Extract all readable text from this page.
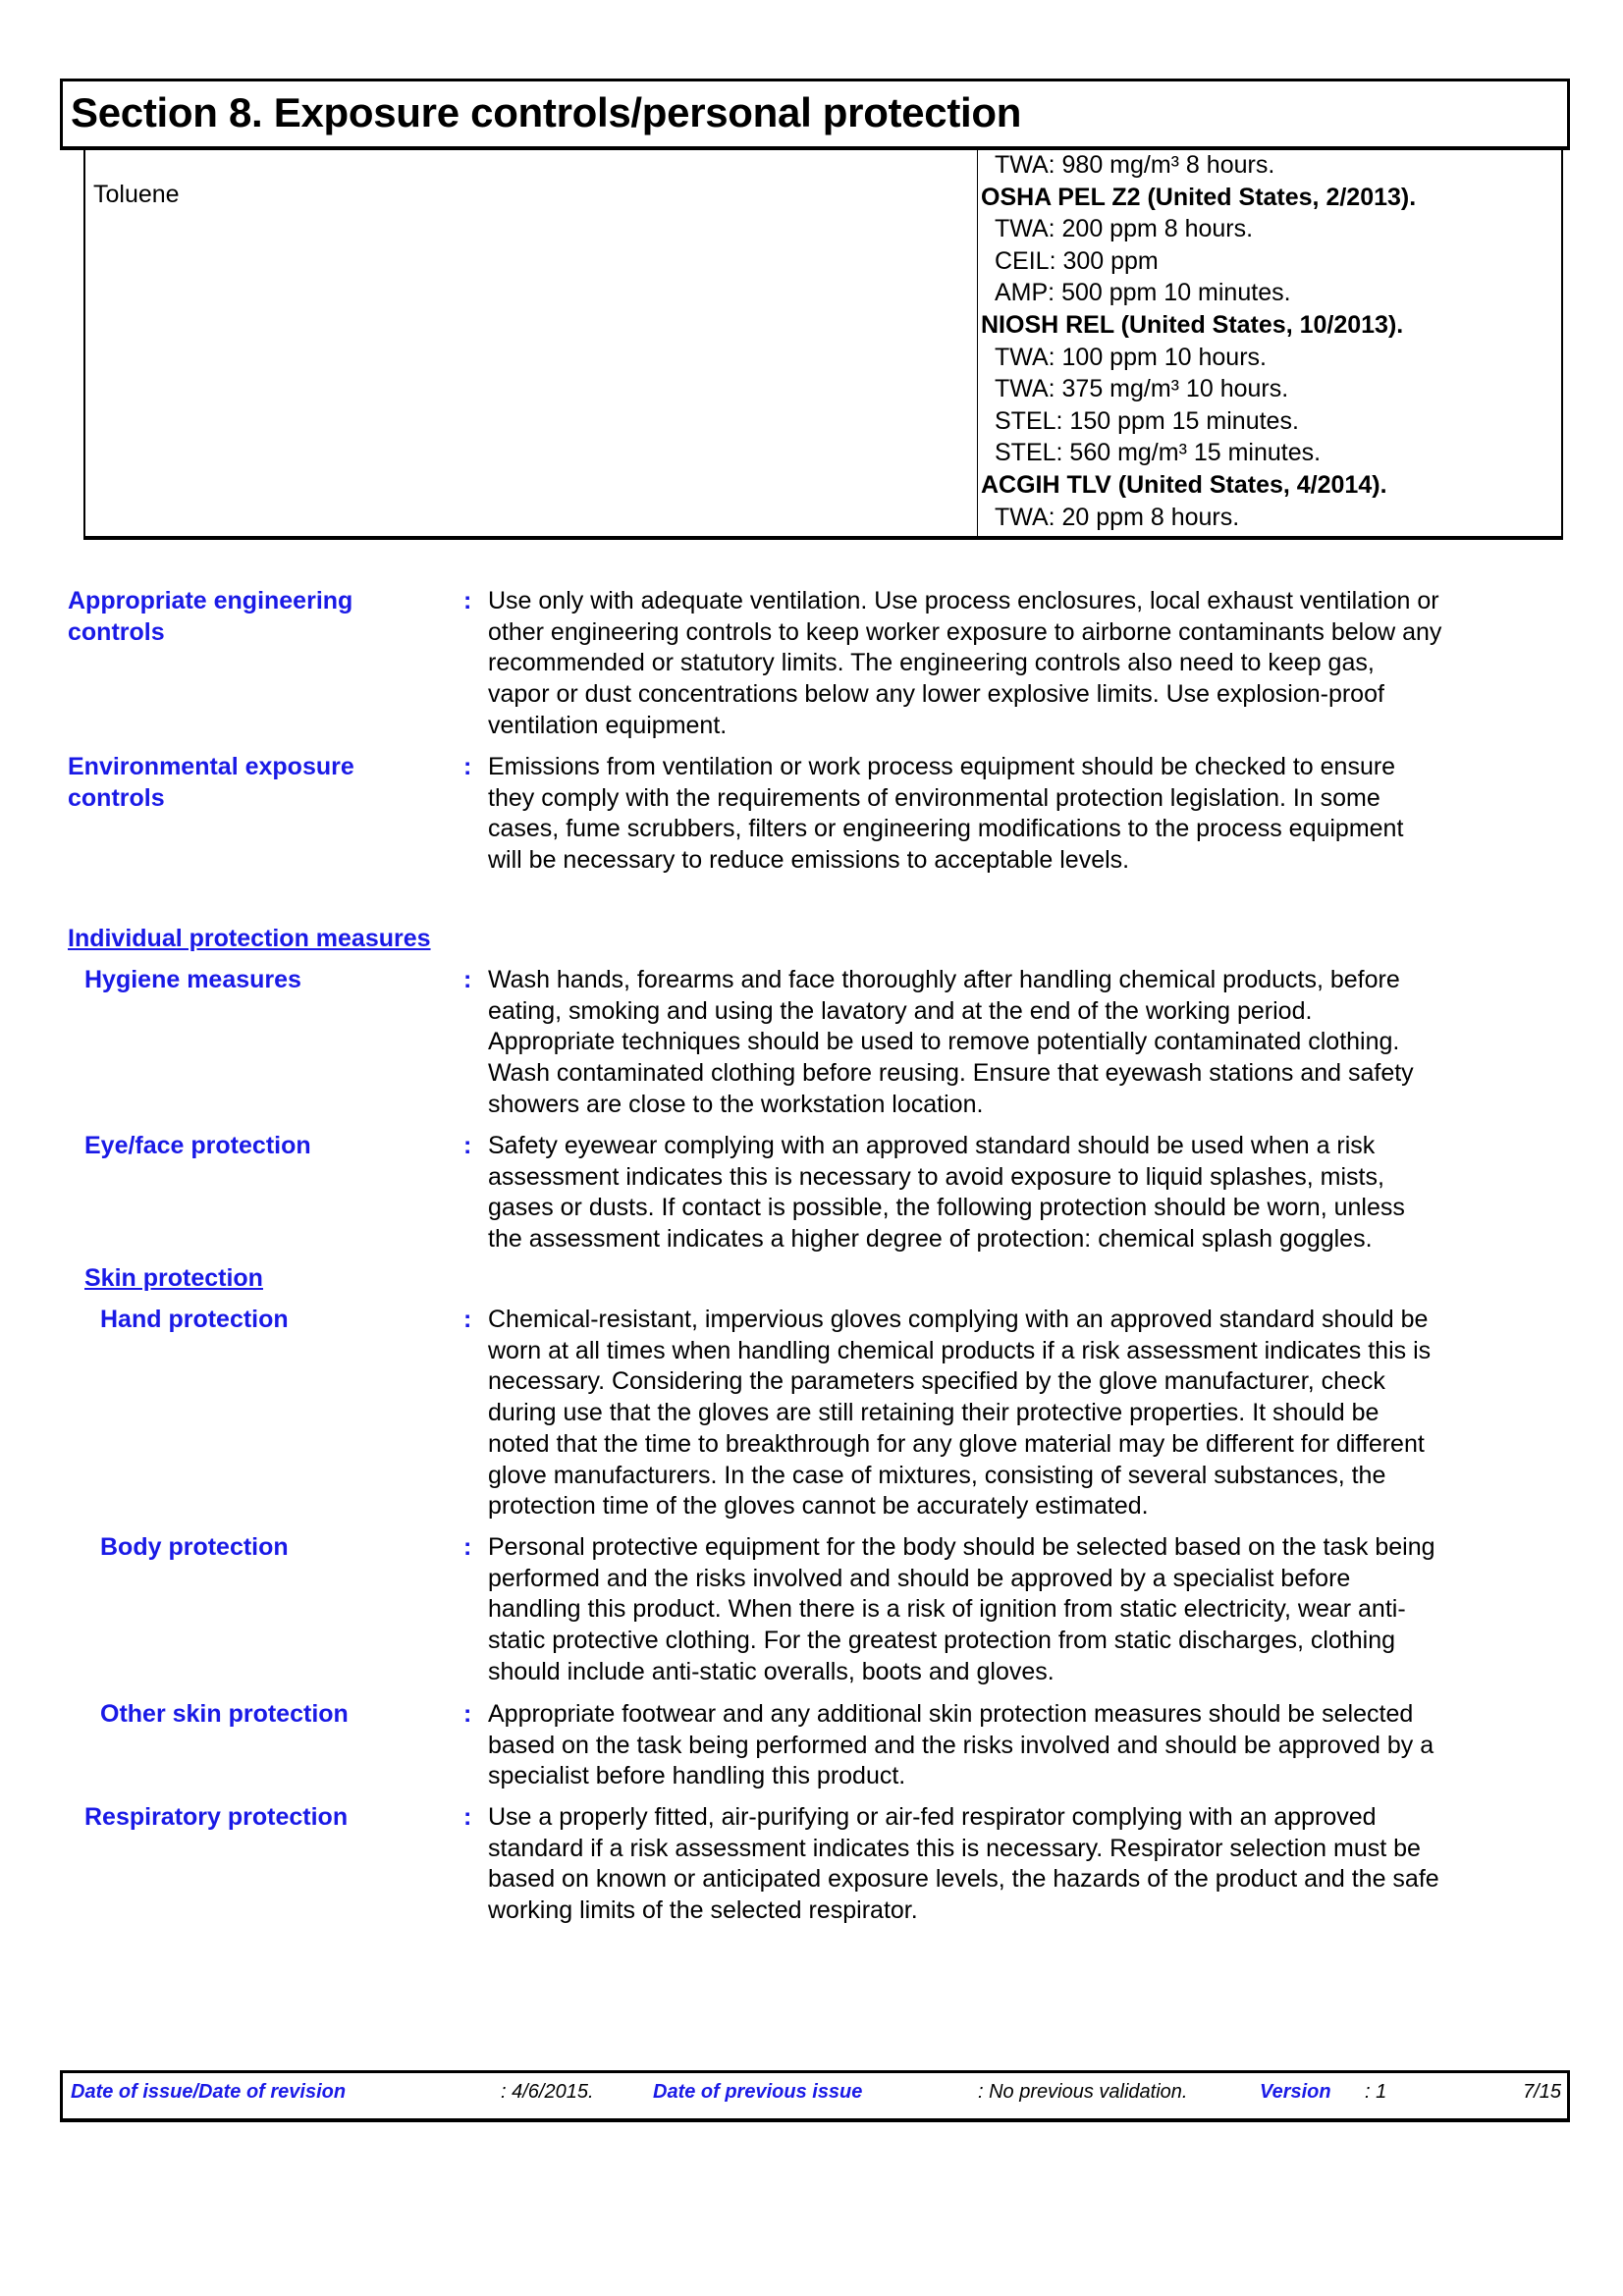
Section 8. Exposure controls/personal protection
Toluene
TWA: 980 mg/m³ 8 hours.
OSHA PEL Z2 (United States, 2/2013).
TWA: 200 ppm 8 hours.
CEIL: 300 ppm
AMP: 500 ppm 10 minutes.
NIOSH REL (United States, 10/2013).
TWA: 100 ppm 10 hours.
TWA: 375 mg/m³ 10 hours.
STEL: 150 ppm 15 minutes.
STEL: 560 mg/m³ 15 minutes.
ACGIH TLV (United States, 4/2014).
TWA: 20 ppm 8 hours.
Appropriate engineering
controls
: Use only with adequate ventilation. Use process enclosures, local exhaust ventilation or
other engineering controls to keep worker exposure to airborne contaminants below any
recommended or statutory limits. The engineering controls also need to keep gas,
vapor or dust concentrations below any lower explosive limits. Use explosion-proof
ventilation equipment.
Environmental exposure
controls
: Emissions from ventilation or work process equipment should be checked to ensure
they comply with the requirements of environmental protection legislation. In some
cases, fume scrubbers, filters or engineering modifications to the process equipment
will be necessary to reduce emissions to acceptable levels.
Individual protection measures
Hygiene measures	: Wash hands, forearms and face thoroughly after handling chemical products, before
eating, smoking and using the lavatory and at the end of the working period.
Appropriate techniques should be used to remove potentially contaminated clothing.
Wash contaminated clothing before reusing. Ensure that eyewash stations and safety
showers are close to the workstation location.
Eye/face protection	: Safety eyewear complying with an approved standard should be used when a risk
assessment indicates this is necessary to avoid exposure to liquid splashes, mists,
gases or dusts. If contact is possible, the following protection should be worn, unless
the assessment indicates a higher degree of protection: chemical splash goggles.
Skin protection
Hand protection	: Chemical-resistant, impervious gloves complying with an approved standard should be
worn at all times when handling chemical products if a risk assessment indicates this is
necessary. Considering the parameters specified by the glove manufacturer, check
during use that the gloves are still retaining their protective properties. It should be
noted that the time to breakthrough for any glove material may be different for different
glove manufacturers. In the case of mixtures, consisting of several substances, the
protection time of the gloves cannot be accurately estimated.
Body protection	: Personal protective equipment for the body should be selected based on the task being
performed and the risks involved and should be approved by a specialist before
handling this product. When there is a risk of ignition from static electricity, wear anti-
static protective clothing. For the greatest protection from static discharges, clothing
should include anti-static overalls, boots and gloves.
Other skin protection	: Appropriate footwear and any additional skin protection measures should be selected
based on the task being performed and the risks involved and should be approved by a
specialist before handling this product.
Respiratory protection	: Use a properly fitted, air-purifying or air-fed respirator complying with an approved
standard if a risk assessment indicates this is necessary. Respirator selection must be
based on known or anticipated exposure levels, the hazards of the product and the safe
working limits of the selected respirator.
Date of issue/Date of revision	: 4/6/2015.	Date of previous issue	: No previous validation.	Version : 1	7/15
